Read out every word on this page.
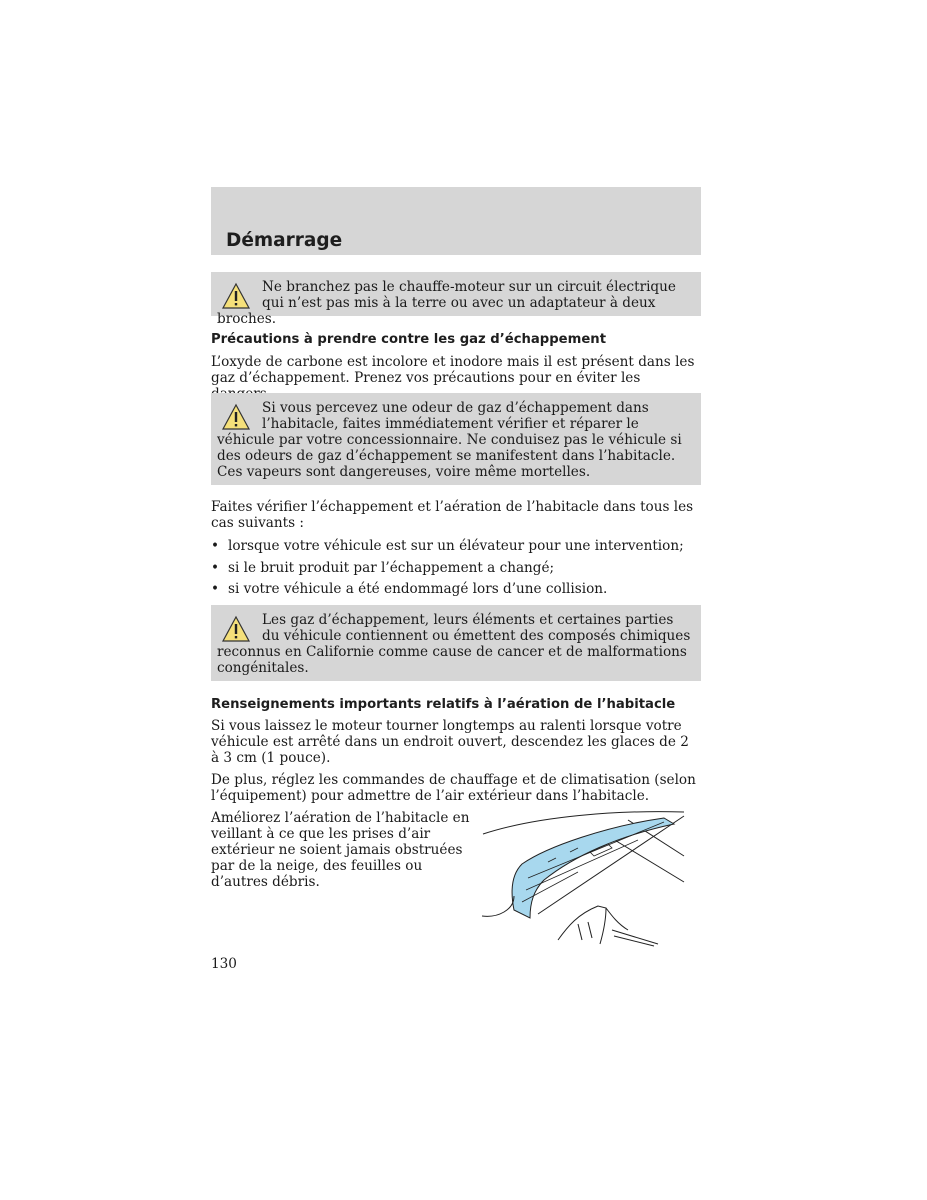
Démarrage
Ne branchez pas le chauffe-moteur sur un circuit électrique qui n’est pas mis à la terre ou avec un adaptateur à deux broches.
Précautions à prendre contre les gaz d’échappement
L’oxyde de carbone est incolore et inodore mais il est présent dans les gaz d’échappement. Prenez vos précautions pour en éviter les
Si vous percevez une odeur de gaz d’échappement dans l’habitacle, faites immédiatement vérifier et réparer le véhicule par votre concessionnaire. Ne conduisez pas le véhicule si des odeurs de gaz d’échappement se manifestent dans l’habitacle. Ces vapeurs sont dangereuses, voire même mortelles.
Faites vérifier l’échappement et l’aération de l’habitacle dans tous les cas suivants :
• lorsque votre véhicule est sur un élévateur pour une intervention;
• si le bruit produit par l’échappement a changé;
• si votre véhicule a été endommagé lors d’une collision.
Les gaz d’échappement, leurs éléments et certaines parties du véhicule contiennent ou émettent des composés chimiques reconnus en Californie comme cause de cancer et de malformations congénitales.
Renseignements importants relatifs à l’aération de l’habitacle
Si vous laissez le moteur tourner longtemps au ralenti lorsque votre véhicule est arrêté dans un endroit ouvert, descendez les glaces de 2 à 3 cm (1 pouce).
De plus, réglez les commandes de chauffage et de climatisation (selon l’équipement) pour admettre de l’air extérieur dans l’habitacle.
Améliorez l’aération de l’habitacle en
veillant à ce que les prises d’air
extérieur ne soient jamais obstruées
par de la neige, des feuilles ou
d’autres débris.
130
